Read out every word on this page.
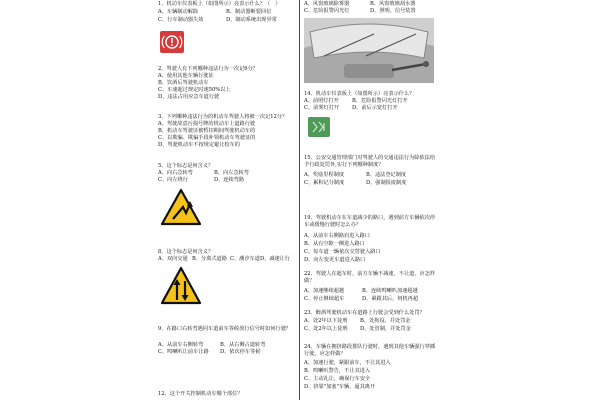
1、机动车仪表板上（如图所示）亮表示什么？（　）
A、车辆制动解除	B、制动器断裂回位
C、行车制动器失效	D、制动系统出现异常
2、驾驶人有下列哪种违法行为一次记6分？
A、使用其他车辆行驶证
B、饮酒后驾驶机动车
C、车速超过规定时速50%以上
D、违法占用应急车道行驶
3、下列哪种违法行为的机动车驾驶人将被一次记12分？
A、驾驶故意污损号牌的机动车上道路行驶
B、机动车驾驶证被暂扣期间驾驶机动车的
C、以欺骗、欺骗手段补领机动车驾驶证的
D、驾驶机动车不按规定避让校车的
5、这个标志是何含义？
A、向右急转弯	B、向左急转弯
C、向左绕行	D、连续弯路
8、这个标志是何含义？
A、双向交通 B、分离式道路 C、潮汐车道D、减速让行
9、在路口右转弯遇同车道前车等候放行信号时如何行驶？
A、从前车右侧转弯	B、从右侧占道转弯
C、鸣喇叭让前车让路 D、依次停车等候
12、这个开关控制机动车哪个部位？
A、风窗玻璃除雾器	B、风窗玻璃刮水器
C、危险报警闪光灯	D、照明、信号装置
14、机动车仪表板上（如图所示）亮表示什么？
A、前照灯打开	B、危险报警闪光灯打开
C、前雾灯打开 D、前后示宽灯打开
15、公安交通管理部门对驾驶人的交通违法行为除依法给予行政处罚外,实行下列哪种制度？
A、奖励里程制度	B、违法登记制度
C、累积记分制度	D、强制报废制度
19、驾驶机动车在车道减少的路口，遇到前方车辆依次停车或缓慢行驶时怎么办？
A、从前车右侧路肩进入路口
B、从有空隙一侧进入路口
C、每车道一辆依次交替驶入路口
D、向左变更车道进入路口
22、驾驶人在超车时，前方车辆不减速、不让道，应怎样做？
A、加速继续超越	B、连续鸣喇叭加速超越
C、停止继续超车	D、紧跟其后，伺机再超
23、醉酒驾驶机动车在道路上行驶会受到什么处罚？
A、处2年以下徒刑 B、处拘役，并处罚金
C、处2年以上徒刑 D、处管制，并处罚金
24、车辆在拥挤路段排队行驶时，遇到其他车辆强行穿插行驶，应怎样做？
A、加速行驶，紧跟前车，不让其进入
B、鸣喇叭警告，不让其进入
C、主动礼让，确保行车安全
D、挤靠"加塞"车辆，逼其离开
